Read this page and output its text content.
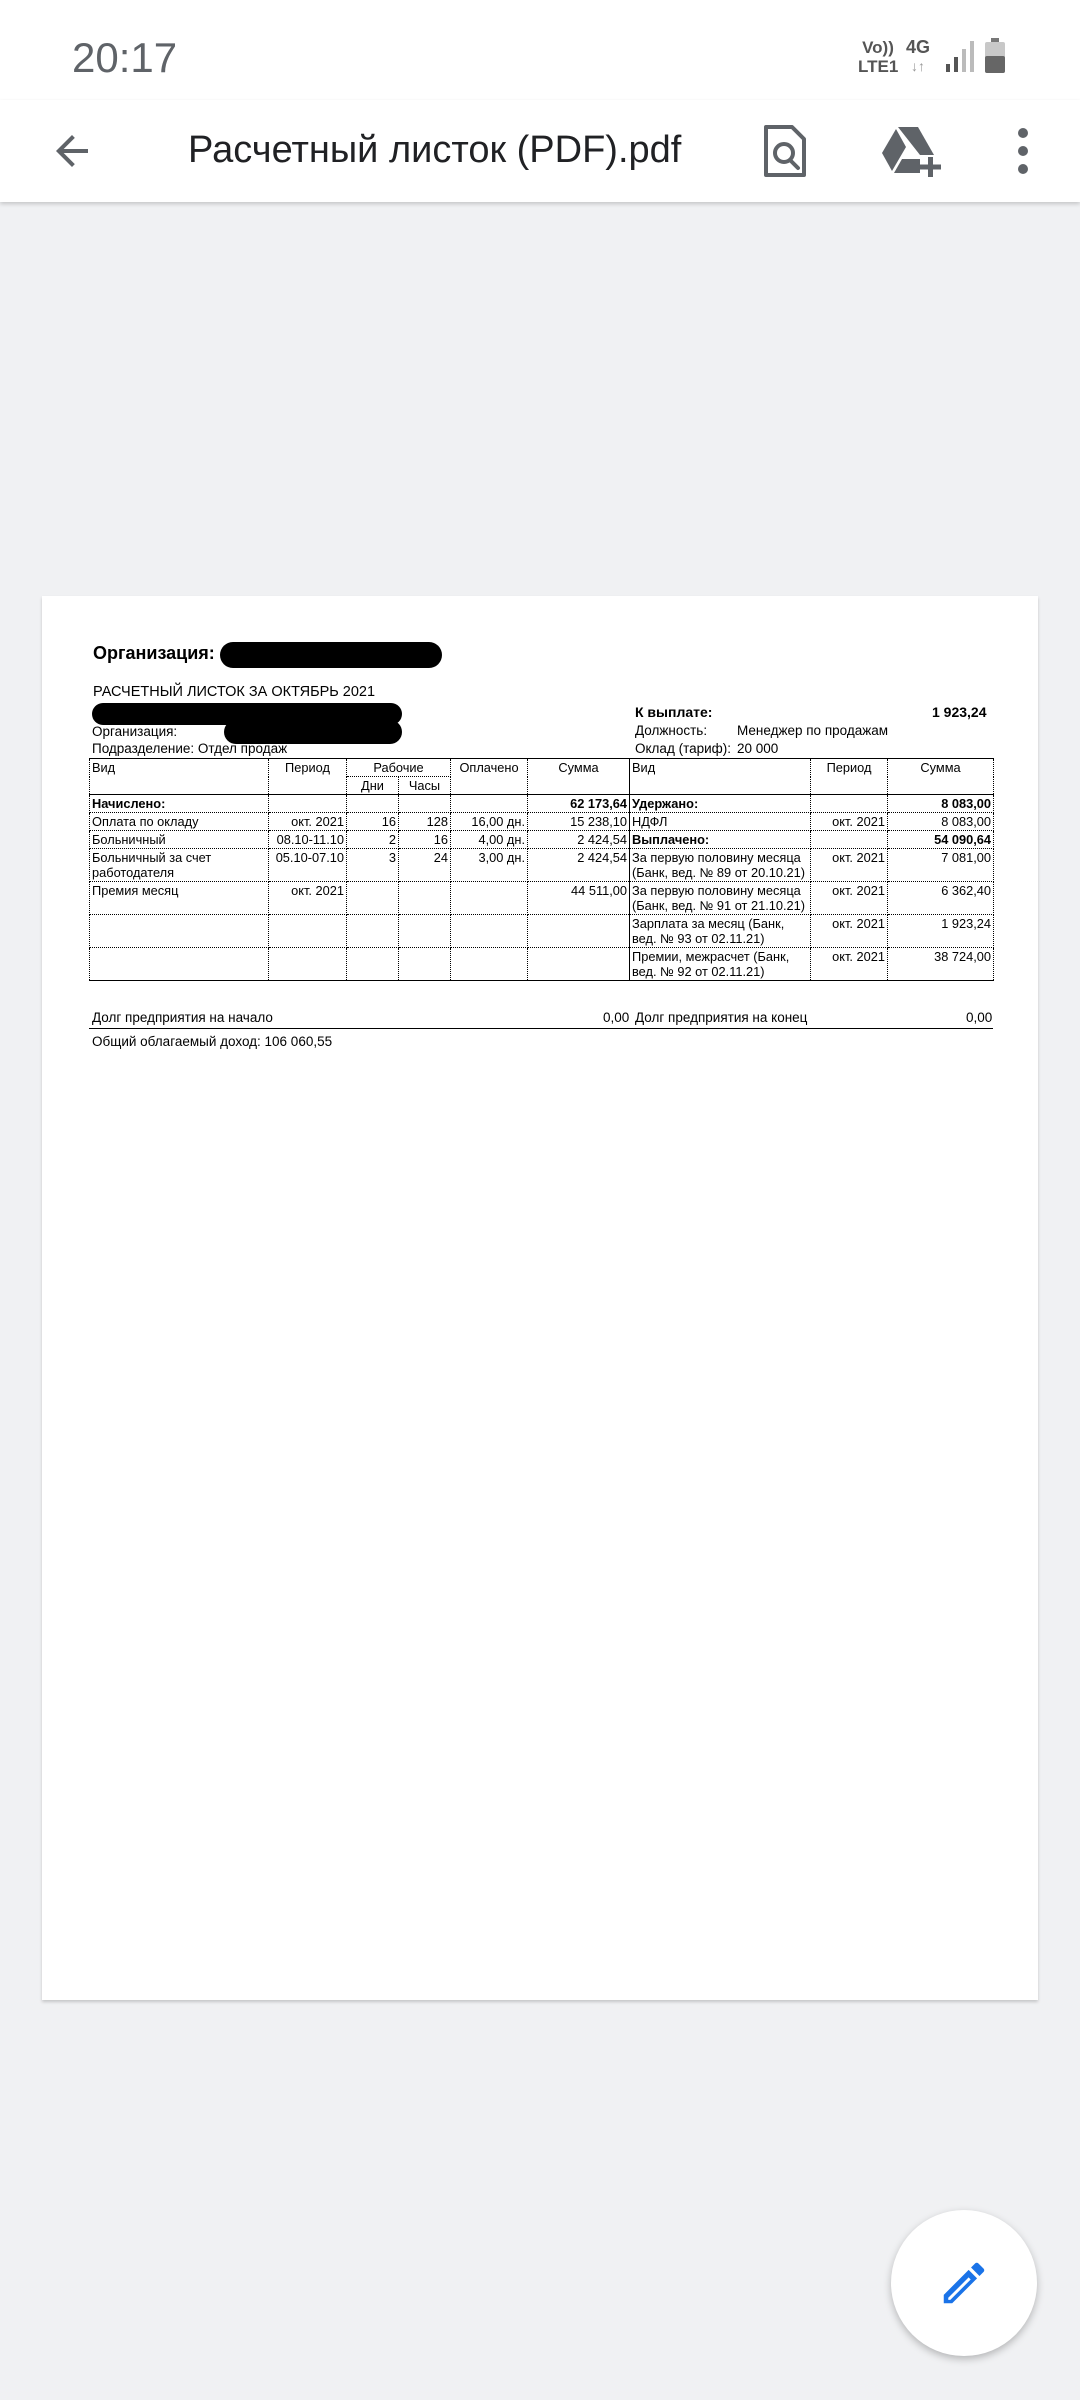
20:17	Vo))
LTE1
4G
↓↑
Расчетный листок (PDF).pdf
Организация:
РАСЧЕТНЫЙ ЛИСТОК ЗА ОКТЯБРЬ 2021
Организация:
Подразделение: Отдел продаж
К выплате:	1 923,24
Должность: Менеджер по продажам
Оклад (тариф): 20 000
Вид	Период	Рабочие		Оплачено	Сумма	Вид	Период	Сумма
		Дни	Часы					
Начислено:					62 173,64	Удержано:		8 083,00
Оплата по окладу	окт. 2021	16	128	16,00 дн.	15 238,10	НДФЛ	окт. 2021	8 083,00
Больничный	08.10-11.10	2	16	4,00 дн.	2 424,54	Выплачено:		54 090,64
Больничный за счет работодателя	05.10-07.10	3	24	3,00 дн.	2 424,54	За первую половину месяца (Банк, вед. № 89 от 20.10.21)	окт. 2021	7 081,00
Премия месяц	окт. 2021				44 511,00	За первую половину месяца (Банк, вед. № 91 от 21.10.21)	окт. 2021	6 362,40
						Зарплата за месяц (Банк, вед. № 93 от 02.11.21)	окт. 2021	1 923,24
						Премии, межрасчет (Банк, вед. № 92 от 02.11.21)	окт. 2021	38 724,00
Долг предприятия на начало	0,00 Долг предприятия на конец	0,00
Общий облагаемый доход: 106 060,55
